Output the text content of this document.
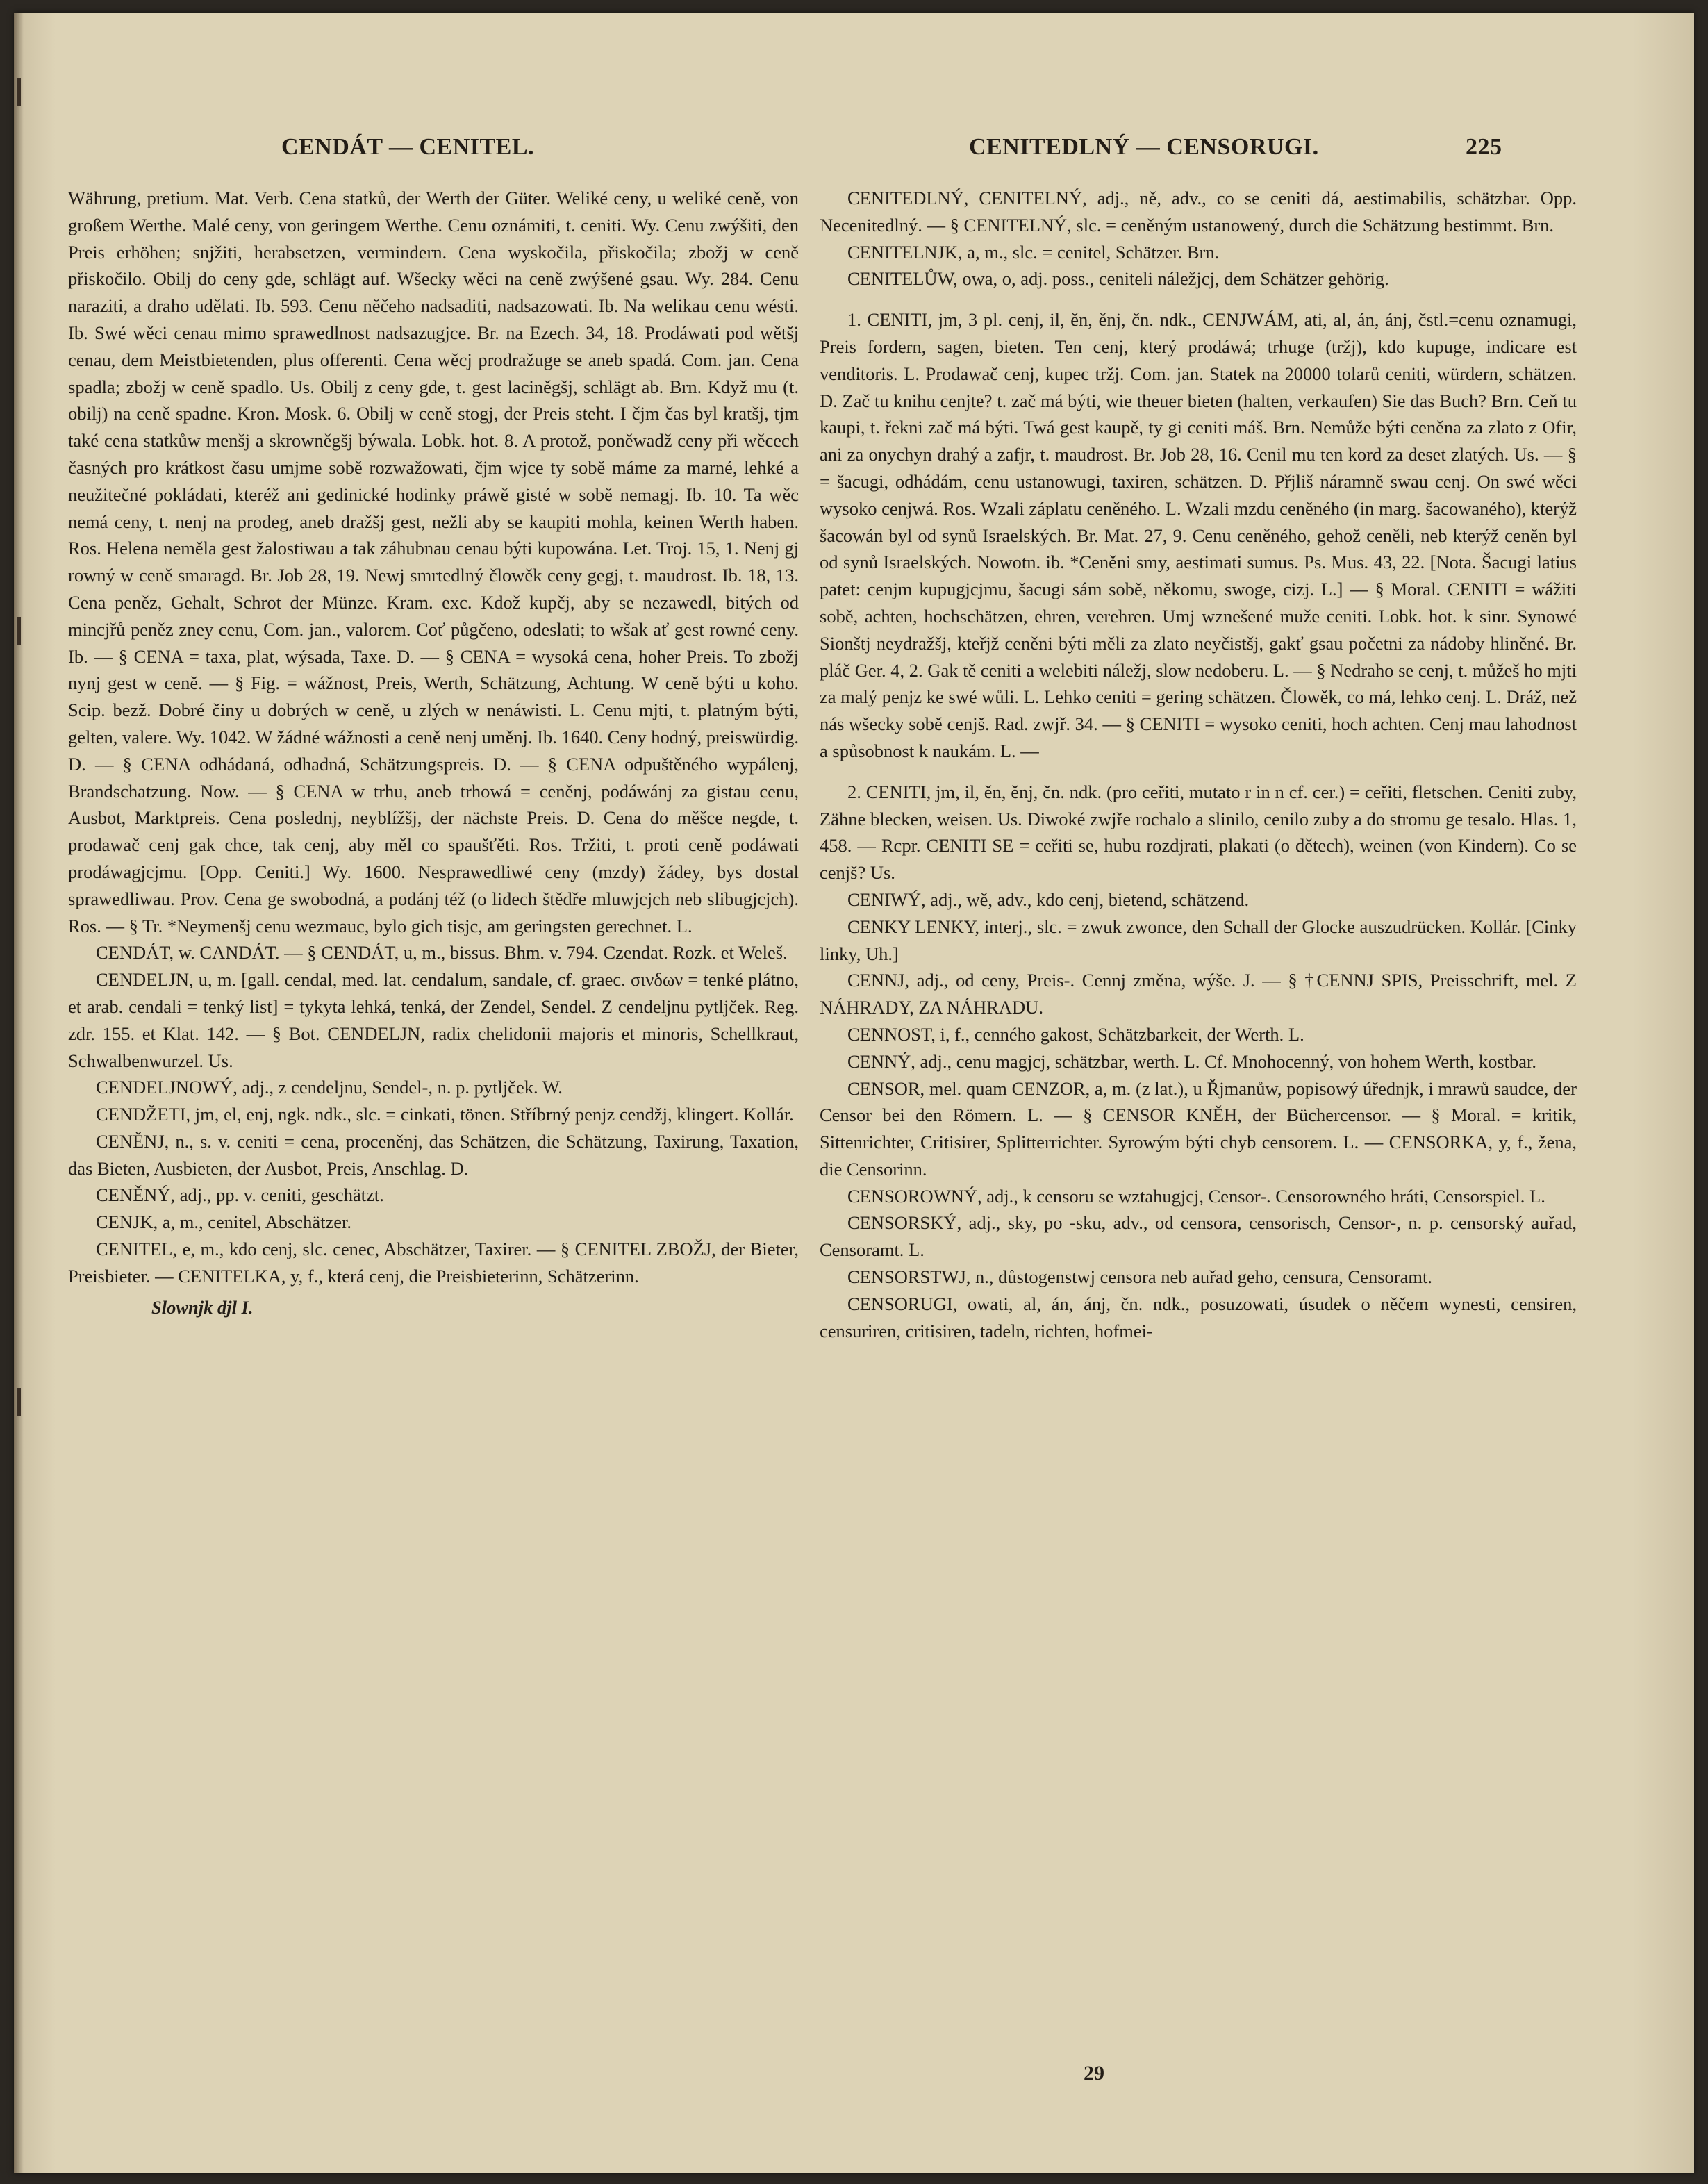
CENDÁT — CENITEL.	CENITEDLNÝ — CENSORUGI.	225

Währung, pretium. Mat. Verb. Cena statků, der Werth der Güter. Weliké ceny, u weliké ceně, von großem Werthe. Malé ceny, von geringem Werthe. Cenu oznámiti, t. ceniti. Wy. Cenu zwýšiti, den Preis erhöhen; snjžiti, herabsetzen, vermindern. Cena wyskočila, přiskočila; zbožj w ceně přiskočilo. Obilj do ceny gde, schlägt auf. Wšecky wěci na ceně zwýšené gsau. Wy. 284. Cenu naraziti, a draho udělati. Ib. 593. Cenu něčeho nadsaditi, nadsazowati. Ib. Na welikau cenu wésti. Ib. Swé wěci cenau mimo sprawedlnost nadsazugjce. Br. na Ezech. 34, 18. Prodáwati pod wětšj cenau, dem Meistbietenden, plus offerenti. Cena wěcj prodražuge se aneb spadá. Com. jan. Cena spadla; zbožj w ceně spadlo. Us. Obilj z ceny gde, t. gest laciněgšj, schlägt ab. Brn. Když mu (t. obilj) na ceně spadne. Kron. Mosk. 6. Obilj w ceně stogj, der Preis steht. I čjm čas byl kratšj, tjm také cena statkůw menšj a skrowněgšj býwala. Lobk. hot. 8. A protož, poněwadž ceny při wěcech časných pro krátkost času umjme sobě rozwažowati, čjm wjce ty sobě máme za marné, lehké a neužitečné pokládati, kteréž ani gedinické hodinky práwě gisté w sobě nemagj. Ib. 10. Ta wěc nemá ceny, t. nenj na prodeg, aneb dražšj gest, nežli aby se kaupiti mohla, keinen Werth haben. Ros. Helena neměla gest žalostiwau a tak záhubnau cenau býti kupowána. Let. Troj. 15, 1. Nenj gj rowný w ceně smaragd. Br. Job 28, 19. Newj smrtedlný člowěk ceny gegj, t. maudrost. Ib. 18, 13. Cena peněz, Gehalt, Schrot der Münze. Kram. exc. Kdož kupčj, aby se nezawedl, bitých od mincjřů peněz zney cenu, Com. jan., valorem. Coť půgčeno, odeslati; to wšak ať gest rowné ceny. Ib. — § CENA = taxa, plat, wýsada, Taxe. D. — § CENA = wysoká cena, hoher Preis. To zbožj nynj gest w ceně. — § Fig. = wážnost, Preis, Werth, Schätzung, Achtung. W ceně býti u koho. Scip. bezž. Dobré činy u dobrých w ceně, u zlých w nenáwisti. L. Cenu mjti, t. platným býti, gelten, valere. Wy. 1042. W žádné wážnosti a ceně nenj uměnj. Ib. 1640. Ceny hodný, preiswürdig. D. — § CENA odhádaná, odhadná, Schätzungspreis. D. — § CENA odpuštěného wypálenj, Brandschatzung. Now. — § CENA w trhu, aneb trhowá = ceněnj, podáwánj za gistau cenu, Ausbot, Marktpreis. Cena poslednj, neyblížšj, der nächste Preis. D. Cena do měšce negde, t. prodawač cenj gak chce, tak cenj, aby měl co spaušťěti. Ros. Tržiti, t. proti ceně podáwati prodáwagjcjmu. [Opp. Ceniti.] Wy. 1600. Nesprawedliwé ceny (mzdy) žádey, bys dostal sprawedliwau. Prov. Cena ge swobodná, a podánj též (o lidech štědře mluwjcjch neb slibugjcjch). Ros. — § Tr. *Neymenšj cenu wezmauc, bylo gich tisjc, am geringsten gerechnet. L.

CENDÁT, w. CANDÁT. — § CENDÁT, u, m., bissus. Bhm. v. 794. Czendat. Rozk. et Weleš.

CENDELJN, u, m. [gall. cendal, med. lat. cendalum, sandale, cf. graec. σινδων = tenké plátno, et arab. cendali = tenký list] = tykyta lehká, tenká, der Zendel, Sendel. Z cendeljnu pytljček. Reg. zdr. 155. et Klat. 142. — § Bot. CENDELJN, radix chelidonii majoris et minoris, Schellkraut, Schwalbenwurzel. Us.

CENDELJNOWÝ, adj., z cendeljnu, Sendel-, n. p. pytljček. W.

CENDŽETI, jm, el, enj, ngk. ndk., slc. = cinkati, tönen. Stříbrný penjz cendžj, klingert. Kollár.

CENĚNJ, n., s. v. ceniti = cena, proceněnj, das Schätzen, die Schätzung, Taxirung, Taxation, das Bieten, Ausbieten, der Ausbot, Preis, Anschlag. D.

CENĚNÝ, adj., pp. v. ceniti, geschätzt.

CENJK, a, m., cenitel, Abschätzer.

CENITEL, e, m., kdo cenj, slc. cenec, Abschätzer, Taxirer. — § CENITEL ZBOŽJ, der Bieter, Preisbieter. — CENITELKA, y, f., která cenj, die Preisbieterinn, Schätzerinn.

Slownjk djl I.

CENITEDLNÝ, CENITELNÝ, adj., ně, adv., co se ceniti dá, aestimabilis, schätzbar. Opp. Necenitedlný. — § CENITELNÝ, slc. = ceněným ustanowený, durch die Schätzung bestimmt. Brn.

CENITELNJK, a, m., slc. = cenitel, Schätzer. Brn.

CENITELŮW, owa, o, adj. poss., ceniteli náležjcj, dem Schätzer gehörig.

1. CENITI, jm, 3 pl. cenj, il, ěn, ěnj, čn. ndk., CENJWÁM, ati, al, án, ánj, čstl.=cenu oznamugi, Preis fordern, sagen, bieten. Ten cenj, který prodáwá; trhuge (tržj), kdo kupuge, indicare est venditoris. L. Prodawač cenj, kupec tržj. Com. jan. Statek na 20000 tolarů ceniti, würdern, schätzen. D. Zač tu knihu cenjte? t. zač má býti, wie theuer bieten (halten, verkaufen) Sie das Buch? Brn. Ceň tu kaupi, t. řekni zač má býti. Twá gest kaupě, ty gi ceniti máš. Brn. Nemůže býti ceněna za zlato z Ofir, ani za onychyn drahý a zafjr, t. maudrost. Br. Job 28, 16. Cenil mu ten kord za deset zlatých. Us. — § = šacugi, odhádám, cenu ustanowugi, taxiren, schätzen. D. Přjliš náramně swau cenj. On swé wěci wysoko cenjwá. Ros. Wzali záplatu ceněného. L. Wzali mzdu ceněného (in marg. šacowaného), kterýž šacowán byl od synů Israelských. Br. Mat. 27, 9. Cenu ceněného, gehož ceněli, neb kterýž ceněn byl od synů Israelských. Nowotn. ib. *Ceněni smy, aestimati sumus. Ps. Mus. 43, 22. [Nota. Šacugi latius patet: cenjm kupugjcjmu, šacugi sám sobě, někomu, swoge, cizj. L.] — § Moral. CENITI = wážiti sobě, achten, hochschätzen, ehren, verehren. Umj wznešené muže ceniti. Lobk. hot. k sinr. Synowé Sionštj neydražšj, kteřjž ceněni býti měli za zlato neyčistšj, gakť gsau početni za nádoby hliněné. Br. pláč Ger. 4, 2. Gak tě ceniti a welebiti náležj, slow nedoberu. L. — § Nedraho se cenj, t. můžeš ho mjti za malý penjz ke swé wůli. L. Lehko ceniti = gering schätzen. Člowěk, co má, lehko cenj. L. Dráž, než nás wšecky sobě cenjš. Rad. zwjř. 34. — § CENITI = wysoko ceniti, hoch achten. Cenj mau lahodnost a spůsobnost k naukám. L. —

2. CENITI, jm, il, ěn, ěnj, čn. ndk. (pro ceřiti, mutato r in n cf. cer.) = ceřiti, fletschen. Ceniti zuby, Zähne blecken, weisen. Us. Diwoké zwjře rochalo a slinilo, cenilo zuby a do stromu ge tesalo. Hlas. 1, 458. — Rcpr. CENITI SE = ceřiti se, hubu rozdjrati, plakati (o dětech), weinen (von Kindern). Co se cenjš? Us.

CENIWÝ, adj., wě, adv., kdo cenj, bietend, schätzend.

CENKY LENKY, interj., slc. = zwuk zwonce, den Schall der Glocke auszudrücken. Kollár. [Cinky linky, Uh.]

CENNJ, adj., od ceny, Preis-. Cennj změna, wýše. J. — § †CENNJ SPIS, Preisschrift, mel. Z NÁHRADY, ZA NÁHRADU.

CENNOST, i, f., cenného gakost, Schätzbarkeit, der Werth. L.

CENNÝ, adj., cenu magjcj, schätzbar, werth. L. Cf. Mnohocenný, von hohem Werth, kostbar.

CENSOR, mel. quam CENZOR, a, m. (z lat.), u Řjmanůw, popisowý úřednjk, i mrawů saudce, der Censor bei den Römern. L. — § CENSOR KNĚH, der Büchercensor. — § Moral. = kritik, Sittenrichter, Critisirer, Splitterrichter. Syrowým býti chyb censorem. L. — CENSORKA, y, f., žena, die Censorinn.

CENSOROWNÝ, adj., k censoru se wztahugjcj, Censor-. Censorowného hráti, Censorspiel. L.

CENSORSKÝ, adj., sky, po -sku, adv., od censora, censorisch, Censor-, n. p. censorský auřad, Censoramt. L.

CENSORSTWJ, n., důstogenstwj censora neb auřad geho, censura, Censoramt.

CENSORUGI, owati, al, án, ánj, čn. ndk., posuzowati, úsudek o něčem wynesti, censiren, censuriren, critisiren, tadeln, richten, hofmei-

29
